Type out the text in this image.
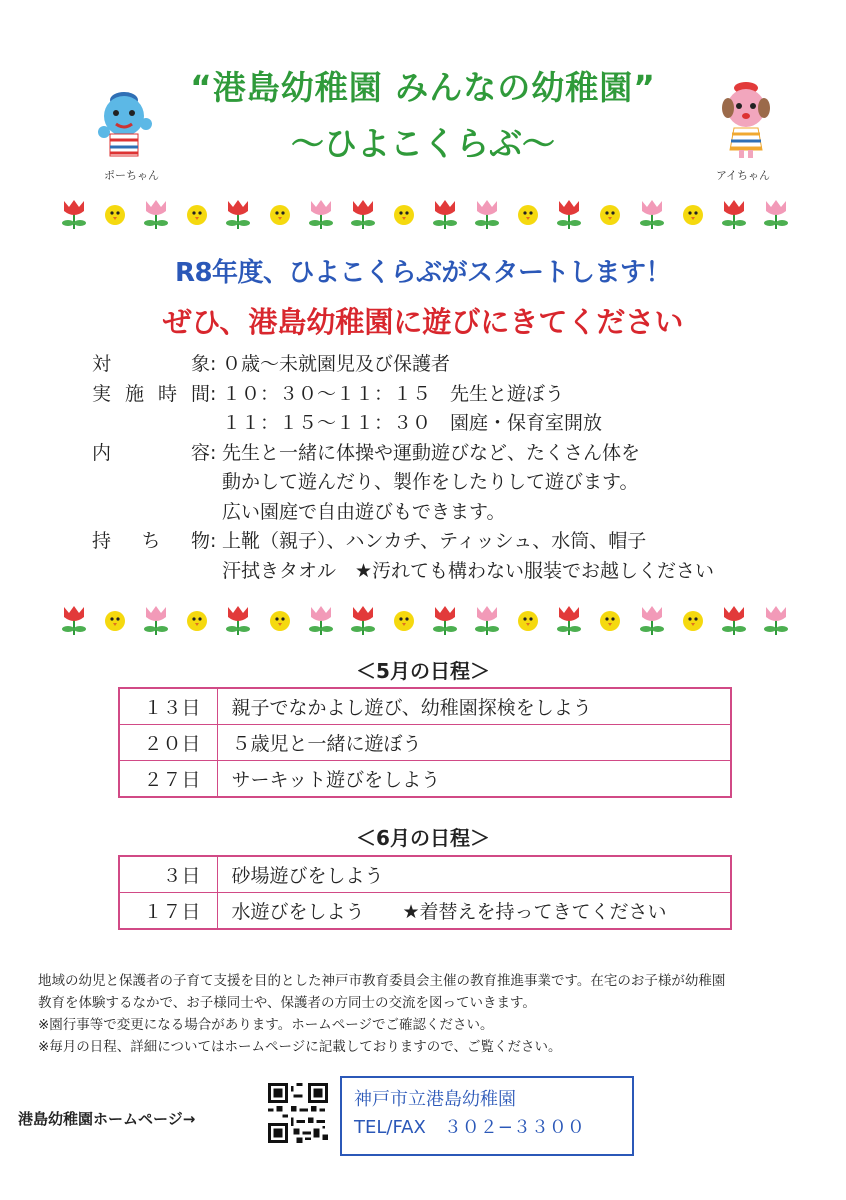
“港島幼稚園 みんなの幼稚園”
～ひよこくらぶ～
ポーちゃん	アイちゃん
R8年度、ひよこくらぶがスタートします！
ぜひ、港島幼稚園に遊びにきてください
対	象 : ０歳～未就園児及び保護者
実 施 時 間 : １０：３０～１１：１５　先生と遊ぼう
１１：１５～１１：３０　園庭・保育室開放
内	容 : 先生と一緒に体操や運動遊びなど、たくさん体を
動かして遊んだり、製作をしたりして遊びます。
広い園庭で自由遊びもできます。
持 ち 物 : 上靴（親子）、ハンカチ、ティッシュ、水筒、帽子
汗拭きタオル　★汚れても構わない服装でお越しください
＜5月の日程＞
１３日	親子でなかよし遊び、幼稚園探検をしよう
２０日	５歳児と一緒に遊ぼう
２７日	サーキット遊びをしよう
＜6月の日程＞
３日	砂場遊びをしよう
１７日	水遊びをしよう　　★着替えを持ってきてください
地域の幼児と保護者の子育て支援を目的とした神戸市教育委員会主催の教育推進事業です。在宅のお子様が幼稚園
教育を体験するなかで、お子様同士や、保護者の方同士の交流を図っていきます。
※園行事等で変更になる場合があります。ホームページでご確認ください。
※毎月の日程、詳細についてはホームページに記載しておりますので、ご覧ください。
港島幼稚園ホームページ→
神戸市立港島幼稚園
TEL/FAX　３０２−３３００
